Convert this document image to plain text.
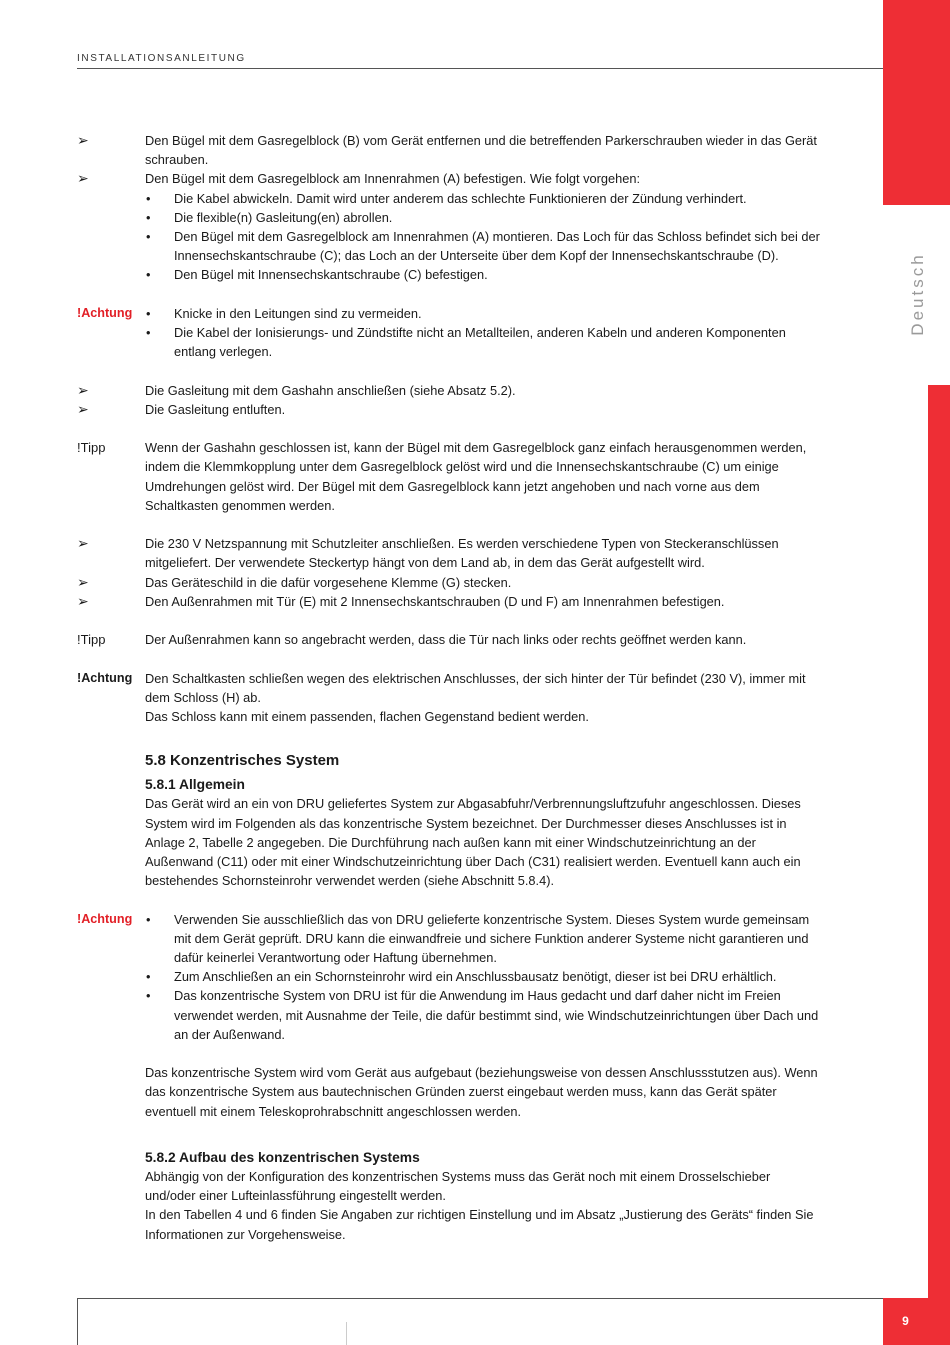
Deutsch
INSTALLATIONSANLEITUNG
➢	Den Bügel mit dem Gasregelblock (B) vom Gerät entfernen und die betreffenden Parkerschrauben wieder in das Gerät schrauben.
➢	Den Bügel mit dem Gasregelblock am Innenrahmen (A) befestigen. Wie folgt vorgehen:
•	Die Kabel abwickeln. Damit wird unter anderem das schlechte Funktionieren der Zündung verhindert.
•	Die flexible(n) Gasleitung(en) abrollen.
•	Den Bügel mit dem Gasregelblock am Innenrahmen (A) montieren. Das Loch für das Schloss befindet sich bei der Innensechskantschraube (C); das Loch an der Unterseite über dem Kopf der Innensechskantschraube (D).
•	Den Bügel mit Innensechskantschraube (C) befestigen.
!Achtung	•	Knicke in den Leitungen sind zu vermeiden.
•	Die Kabel der Ionisierungs- und Zündstifte nicht an Metallteilen, anderen Kabeln und anderen Komponenten entlang verlegen.
➢	Die Gasleitung mit dem Gashahn anschließen (siehe Absatz 5.2).
➢	Die Gasleitung entluften.
!Tipp	Wenn der Gashahn geschlossen ist, kann der Bügel mit dem Gasregelblock ganz einfach herausgenommen werden, indem die Klemmkopplung unter dem Gasregelblock gelöst wird und die Innensechskantschraube (C) um einige Umdrehungen gelöst wird. Der Bügel mit dem Gasregelblock kann jetzt angehoben und nach vorne aus dem Schaltkasten genommen werden.
➢	Die 230 V Netzspannung mit Schutzleiter anschließen. Es werden verschiedene Typen von Steckeranschlüssen mitgeliefert. Der verwendete Steckertyp hängt von dem Land ab, in dem das Gerät aufgestellt wird.
➢	Das Geräteschild in die dafür vorgesehene Klemme (G) stecken.
➢	Den Außenrahmen mit Tür (E) mit 2 Innensechskantschrauben (D und F) am Innenrahmen befestigen.
!Tipp	Der Außenrahmen kann so angebracht werden, dass die Tür nach links oder rechts geöffnet werden kann.
!Achtung Den Schaltkasten schließen wegen des elektrischen Anschlusses, der sich hinter der Tür befindet (230 V), immer mit dem Schloss (H) ab.
Das Schloss kann mit einem passenden, flachen Gegenstand bedient werden.
5.8 Konzentrisches System
5.8.1 Allgemein
Das Gerät wird an ein von DRU geliefertes System zur Abgasabfuhr/Verbrennungsluftzufuhr angeschlossen. Dieses System wird im Folgenden als das konzentrische System bezeichnet. Der Durchmesser dieses Anschlusses ist in Anlage 2, Tabelle 2 angegeben. Die Durchführung nach außen kann mit einer Windschutzeinrichtung an der Außenwand (C11) oder mit einer Windschutzeinrichtung über Dach (C31) realisiert werden. Eventuell kann auch ein bestehendes Schornsteinrohr verwendet werden (siehe Abschnitt 5.8.4).
!Achtung	•	Verwenden Sie ausschließlich das von DRU gelieferte konzentrische System. Dieses System wurde gemeinsam mit dem Gerät geprüft. DRU kann die einwandfreie und sichere Funktion anderer Systeme nicht garantieren und dafür keinerlei Verantwortung oder Haftung übernehmen.
•	Zum Anschließen an ein Schornsteinrohr wird ein Anschlussbausatz benötigt, dieser ist bei DRU erhältlich.
•	Das konzentrische System von DRU ist für die Anwendung im Haus gedacht und darf daher nicht im Freien verwendet werden, mit Ausnahme der Teile, die dafür bestimmt sind, wie Windschutzeinrichtungen über Dach und an der Außenwand.
Das konzentrische System wird vom Gerät aus aufgebaut (beziehungsweise von dessen Anschlussstutzen aus). Wenn das konzentrische System aus bautechnischen Gründen zuerst eingebaut werden muss, kann das Gerät später eventuell mit einem Teleskoprohrabschnitt angeschlossen werden.
5.8.2 Aufbau des konzentrischen Systems
Abhängig von der Konfiguration des konzentrischen Systems muss das Gerät noch mit einem Drosselschieber und/oder einer Lufteinlassführung eingestellt werden.
In den Tabellen 4 und 6 finden Sie Angaben zur richtigen Einstellung und im Absatz „Justierung des Geräts“ finden Sie Informationen zur Vorgehensweise.
9
